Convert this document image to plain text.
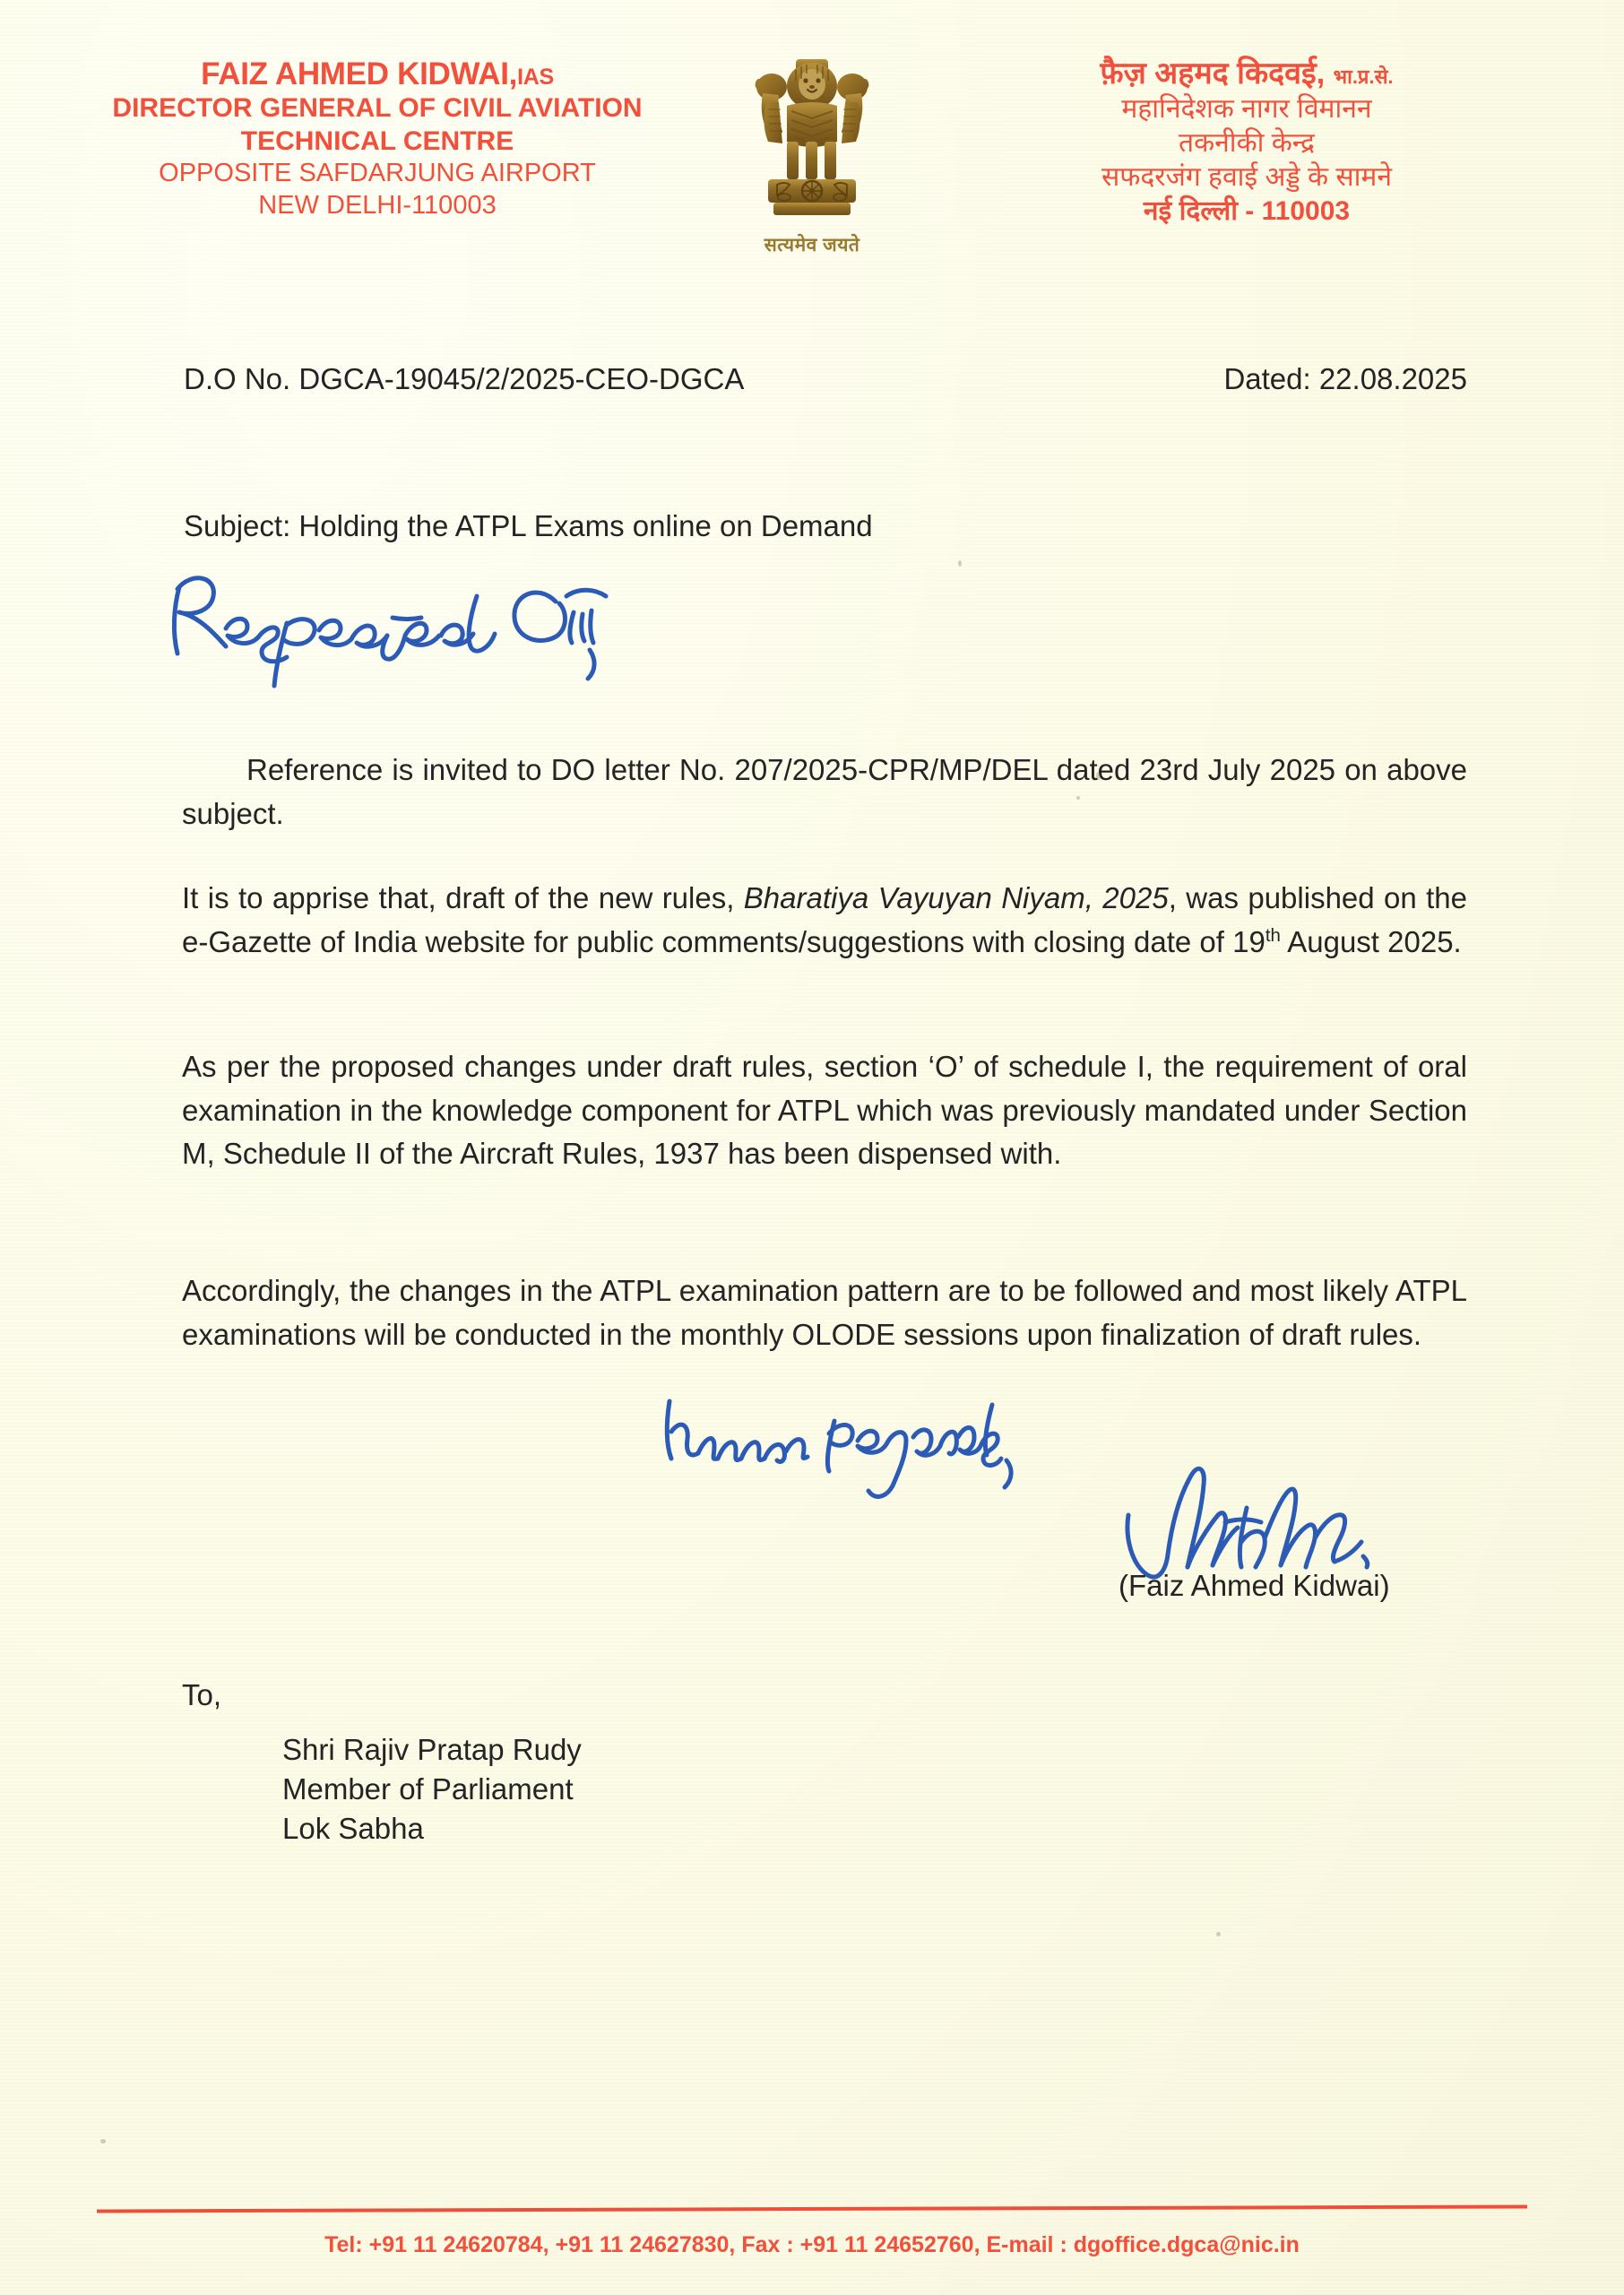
FAIZ AHMED KIDWAI,IAS
DIRECTOR GENERAL OF CIVIL AVIATION
TECHNICAL CENTRE
OPPOSITE SAFDARJUNG AIRPORT
NEW DELHI-110003
सत्यमेव जयते
फ़ैज़ अहमद किदवई, भा.प्र.से.
महानिदेशक नागर विमानन
तकनीकी केन्द्र
सफदरजंग हवाई अड्डे के सामने
नई दिल्ली - 110003
D.O No. DGCA-19045/2/2025-CEO-DGCA	Dated: 22.08.2025
Subject: Holding the ATPL Exams online on Demand

Reference is invited to DO letter No. 207/2025-CPR/MP/DEL dated 23rd July 2025 on above subject.

It is to apprise that, draft of the new rules, Bharatiya Vayuyan Niyam, 2025, was published on the e-Gazette of India website for public comments/suggestions with closing date of 19th August 2025.

As per the proposed changes under draft rules, section ‘O’ of schedule I, the requirement of oral examination in the knowledge component for ATPL which was previously mandated under Section M, Schedule II of the Aircraft Rules, 1937 has been dispensed with.

Accordingly, the changes in the ATPL examination pattern are to be followed and most likely ATPL examinations will be conducted in the monthly OLODE sessions upon finalization of draft rules.

(Faiz Ahmed Kidwai)
To,
Shri Rajiv Pratap Rudy
Member of Parliament
Lok Sabha
Tel: +91 11 24620784, +91 11 24627830, Fax : +91 11 24652760, E-mail : dgoffice.dgca@nic.in
